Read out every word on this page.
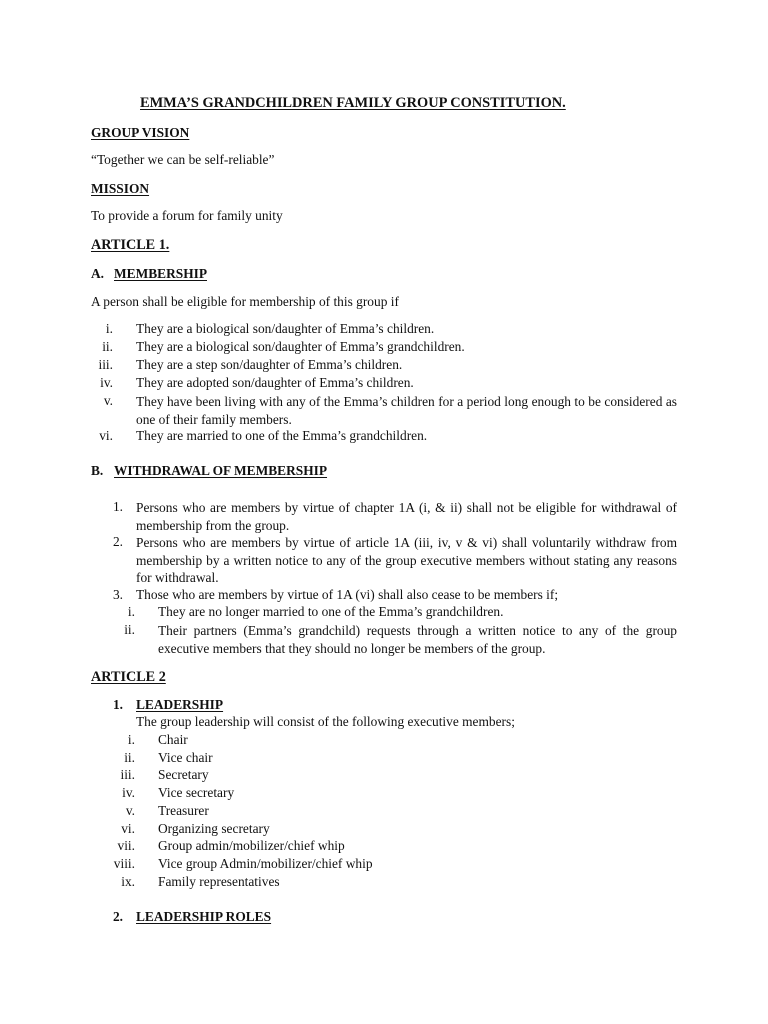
EMMA’S GRANDCHILDREN FAMILY GROUP CONSTITUTION.
GROUP VISION
“Together we can be self-reliable”
MISSION
To provide a forum for family unity
ARTICLE 1.
A. MEMBERSHIP
A person shall be eligible for membership of this group if
i. They are a biological son/daughter of Emma’s children.
ii. They are a biological son/daughter of Emma’s grandchildren.
iii. They are a step son/daughter of Emma’s children.
iv. They are adopted son/daughter of Emma’s children.
v. They have been living with any of the Emma’s children for a period long enough to be considered as one of their family members.
vi. They are married to one of the Emma’s grandchildren.
B. WITHDRAWAL OF MEMBERSHIP
1. Persons who are members by virtue of chapter 1A (i, & ii) shall not be eligible for withdrawal of membership from the group.
2. Persons who are members by virtue of article 1A (iii, iv, v & vi) shall voluntarily withdraw from membership by a written notice to any of the group executive members without stating any reasons for withdrawal.
3. Those who are members by virtue of 1A (vi) shall also cease to be members if;
i. They are no longer married to one of the Emma’s grandchildren.
ii. Their partners (Emma’s grandchild) requests through a written notice to any of the group executive members that they should no longer be members of the group.
ARTICLE 2
1. LEADERSHIP
The group leadership will consist of the following executive members;
i. Chair
ii. Vice chair
iii. Secretary
iv. Vice secretary
v. Treasurer
vi. Organizing secretary
vii. Group admin/mobilizer/chief whip
viii. Vice group Admin/mobilizer/chief whip
ix. Family representatives
2. LEADERSHIP ROLES
